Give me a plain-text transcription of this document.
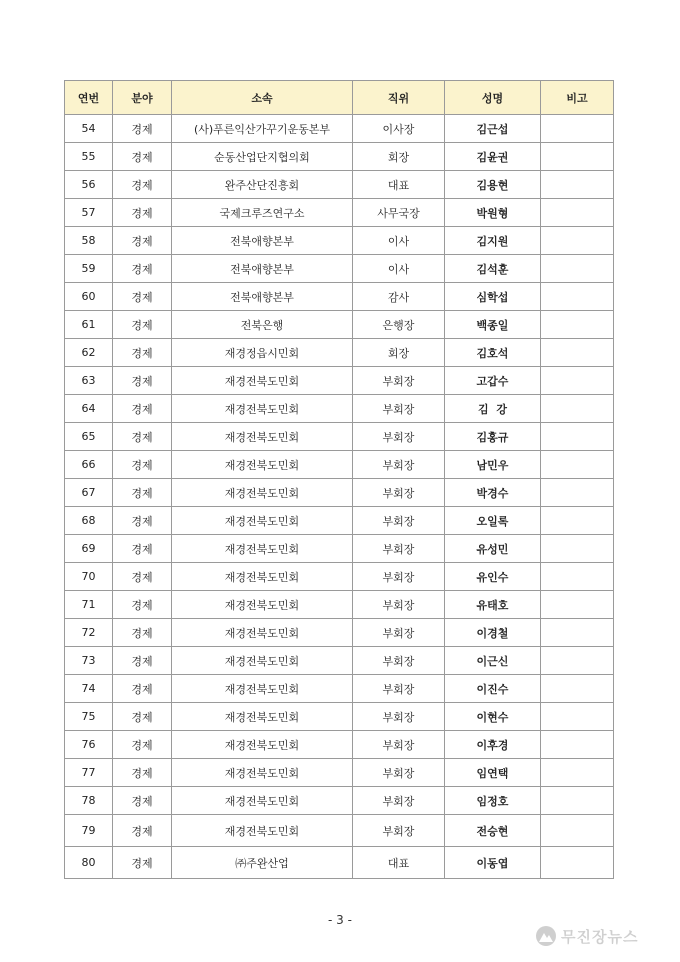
연번	분야	소속	직위	성명	비고
54	경제	(사)푸른익산가꾸기운동본부	이사장	김근섭	
55	경제	순동산업단지협의회	회장	김윤권	
56	경제	완주산단진흥회	대표	김용현	
57	경제	국제크루즈연구소	사무국장	박원형	
58	경제	전북애향본부	이사	김지원	
59	경제	전북애향본부	이사	김석훈	
60	경제	전북애향본부	감사	심학섭	
61	경제	전북은행	은행장	백종일	
62	경제	재경정읍시민회	회장	김호석	
63	경제	재경전북도민회	부회장	고갑수	
64	경제	재경전북도민회	부회장	김  강	
65	경제	재경전북도민회	부회장	김홍규	
66	경제	재경전북도민회	부회장	남민우	
67	경제	재경전북도민회	부회장	박경수	
68	경제	재경전북도민회	부회장	오일록	
69	경제	재경전북도민회	부회장	유성민	
70	경제	재경전북도민회	부회장	유인수	
71	경제	재경전북도민회	부회장	유태호	
72	경제	재경전북도민회	부회장	이경철	
73	경제	재경전북도민회	부회장	이근신	
74	경제	재경전북도민회	부회장	이진수	
75	경제	재경전북도민회	부회장	이현수	
76	경제	재경전북도민회	부회장	이후경	
77	경제	재경전북도민회	부회장	임연택	
78	경제	재경전북도민회	부회장	임정호	
79	경제	재경전북도민회	부회장	전승현	
80	경제	㈜주완산업	대표	이동엽	
- 3 -
무진장뉴스
